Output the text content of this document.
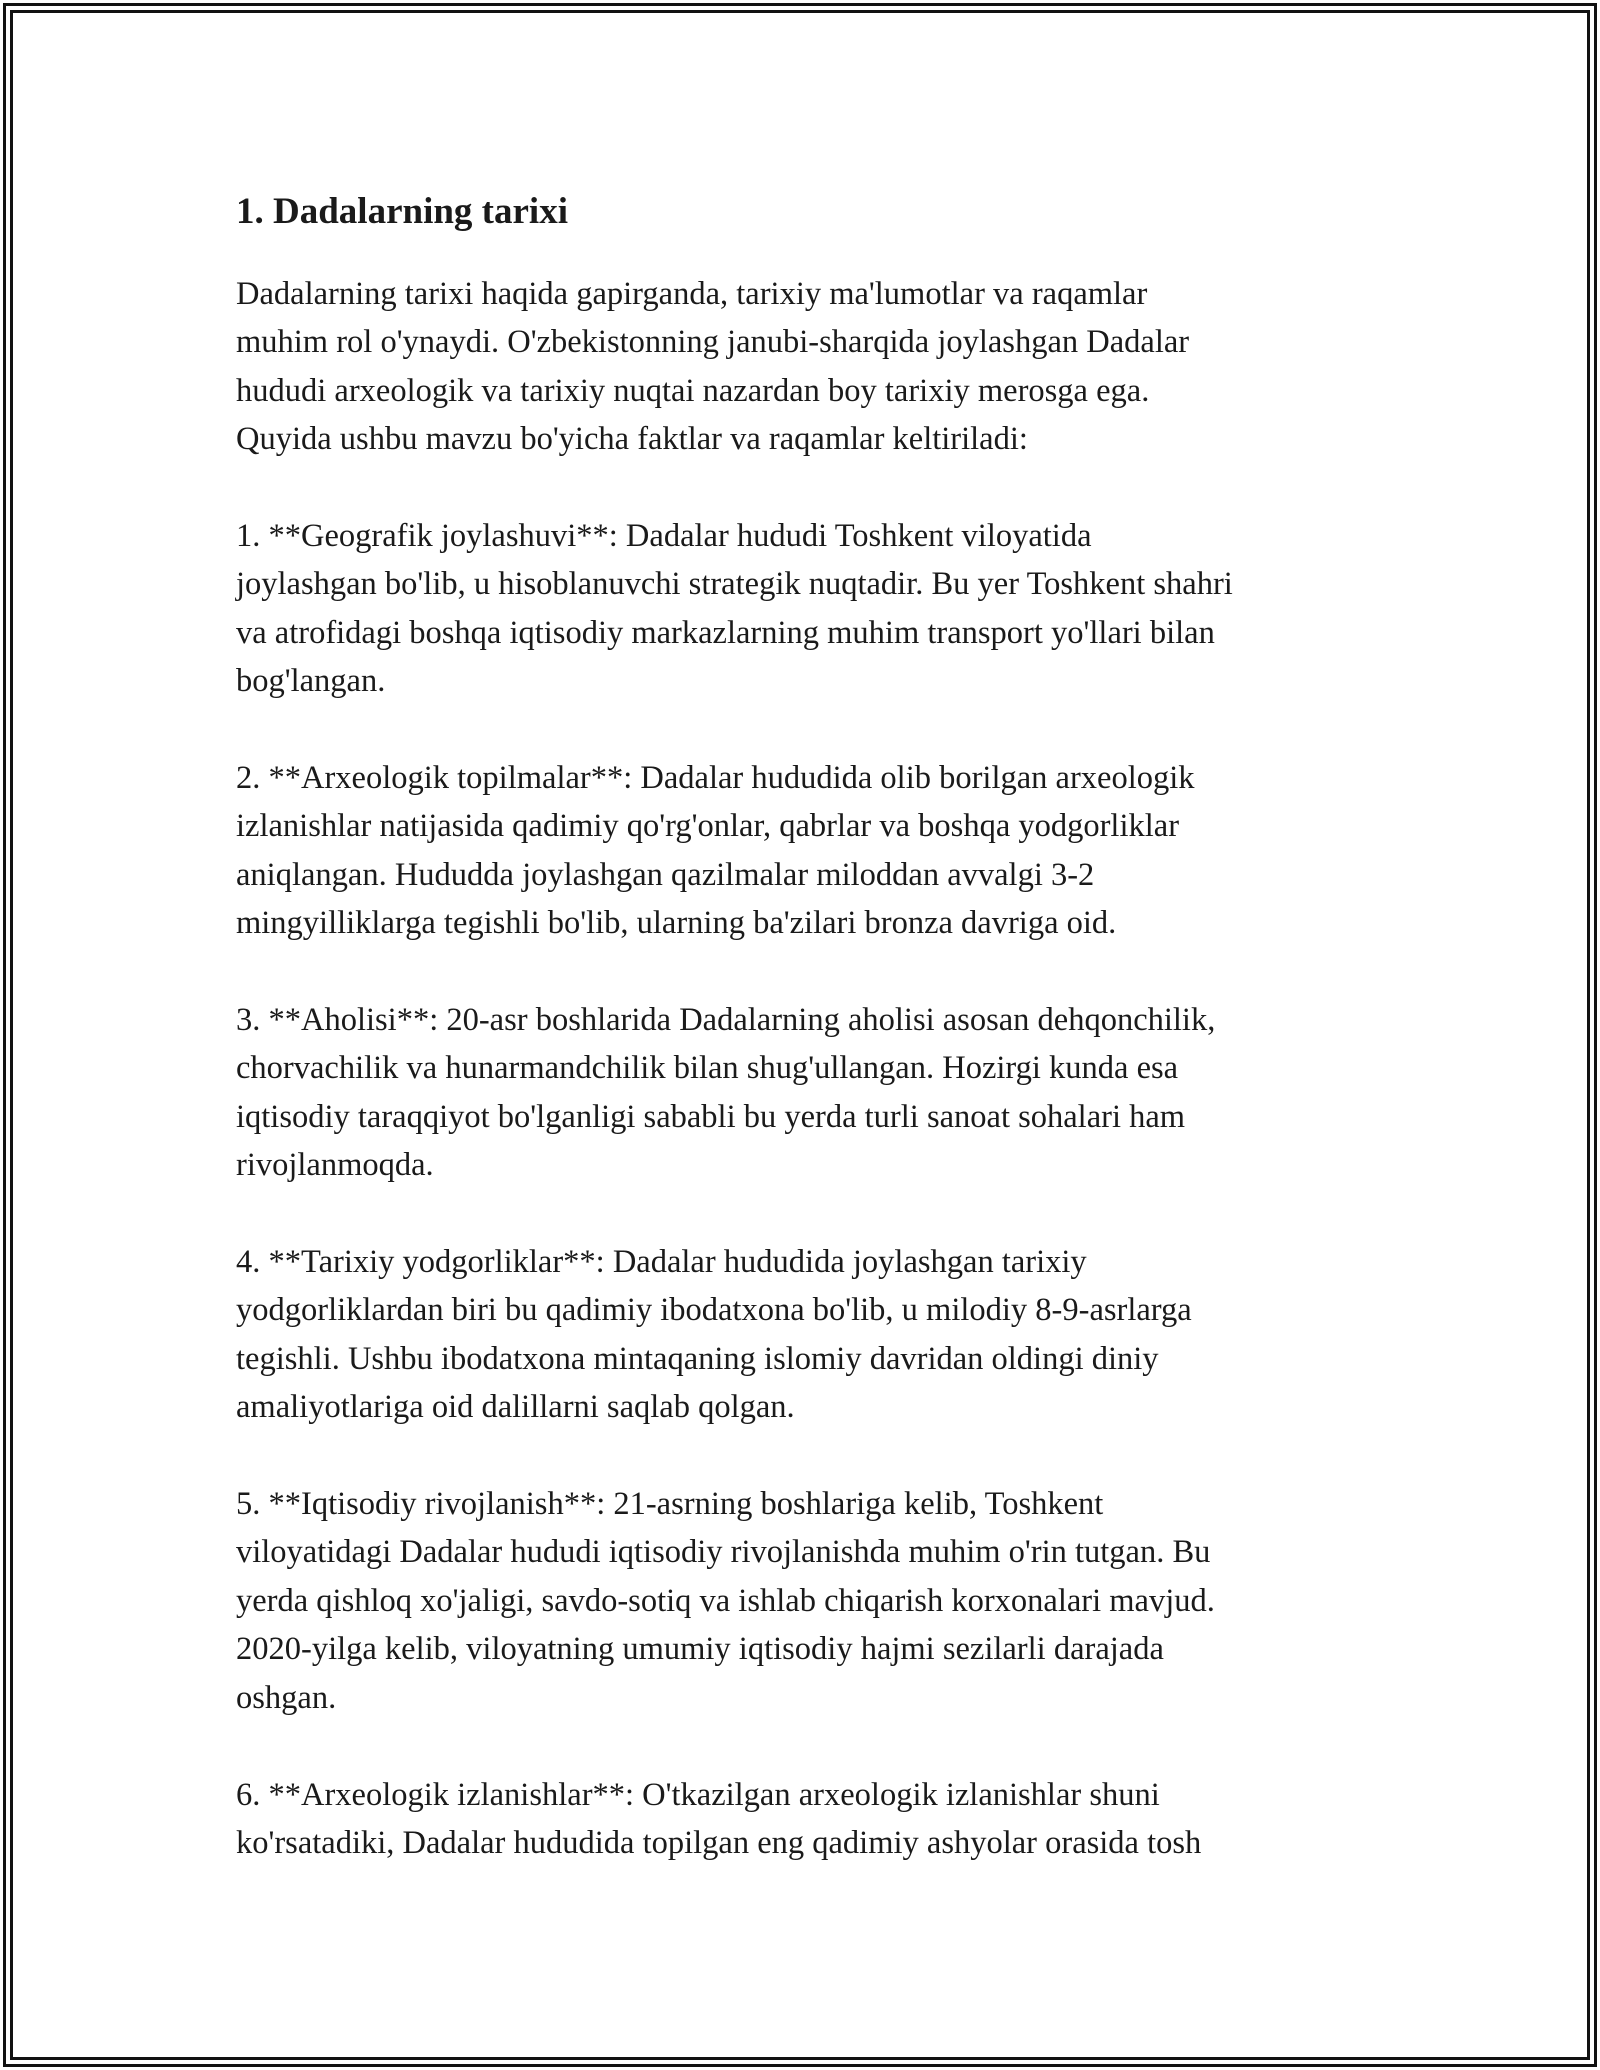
1. Dadalarning tarixi

Dadalarning tarixi haqida gapirganda, tarixiy ma'lumotlar va raqamlar
muhim rol o'ynaydi. O'zbekistonning janubi-sharqida joylashgan Dadalar
hududi arxeologik va tarixiy nuqtai nazardan boy tarixiy merosga ega.
Quyida ushbu mavzu bo'yicha faktlar va raqamlar keltiriladi:

1. **Geografik joylashuvi**: Dadalar hududi Toshkent viloyatida
joylashgan bo'lib, u hisoblanuvchi strategik nuqtadir. Bu yer Toshkent shahri
va atrofidagi boshqa iqtisodiy markazlarning muhim transport yo'llari bilan
bog'langan.

2. **Arxeologik topilmalar**: Dadalar hududida olib borilgan arxeologik
izlanishlar natijasida qadimiy qo'rg'onlar, qabrlar va boshqa yodgorliklar
aniqlangan. Hududda joylashgan qazilmalar miloddan avvalgi 3-2
mingyilliklarga tegishli bo'lib, ularning ba'zilari bronza davriga oid.

3. **Aholisi**: 20-asr boshlarida Dadalarning aholisi asosan dehqonchilik,
chorvachilik va hunarmandchilik bilan shug'ullangan. Hozirgi kunda esa
iqtisodiy taraqqiyot bo'lganligi sababli bu yerda turli sanoat sohalari ham
rivojlanmoqda.

4. **Tarixiy yodgorliklar**: Dadalar hududida joylashgan tarixiy
yodgorliklardan biri bu qadimiy ibodatxona bo'lib, u milodiy 8-9-asrlarga
tegishli. Ushbu ibodatxona mintaqaning islomiy davridan oldingi diniy
amaliyotlariga oid dalillarni saqlab qolgan.

5. **Iqtisodiy rivojlanish**: 21-asrning boshlariga kelib, Toshkent
viloyatidagi Dadalar hududi iqtisodiy rivojlanishda muhim o'rin tutgan. Bu
yerda qishloq xo'jaligi, savdo-sotiq va ishlab chiqarish korxonalari mavjud.
2020-yilga kelib, viloyatning umumiy iqtisodiy hajmi sezilarli darajada
oshgan.

6. **Arxeologik izlanishlar**: O'tkazilgan arxeologik izlanishlar shuni
ko'rsatadiki, Dadalar hududida topilgan eng qadimiy ashyolar orasida tosh
